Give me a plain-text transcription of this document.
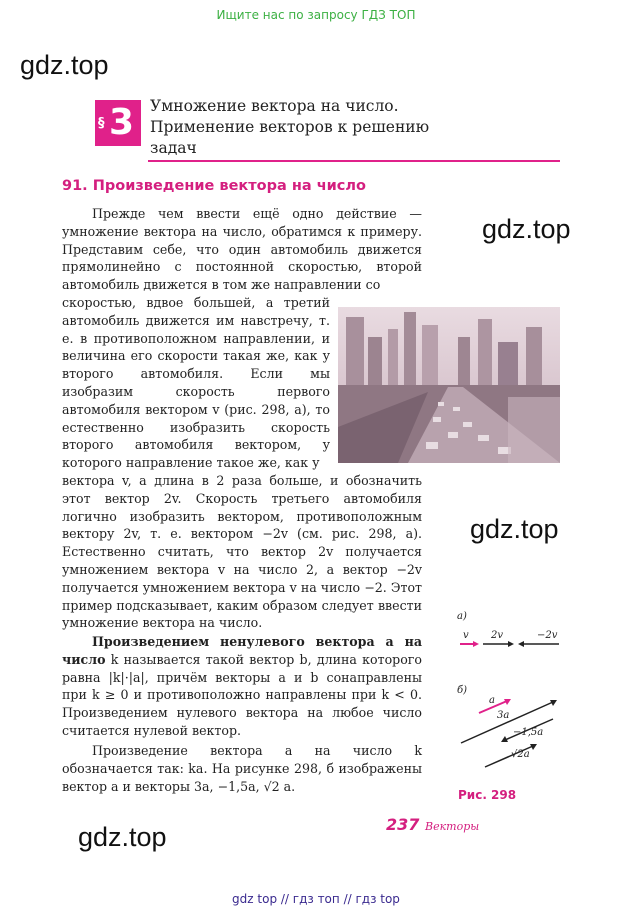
Ищите нас по запросу ГДЗ ТОП
gdz.top
gdz.top
gdz.top
gdz.top
§ 3 Умножение вектора на число.
Применение векторов к решению
задач
91. Произведение вектора на число
Прежде чем ввести ещё одно действие — умножение вектора на число, обратимся к примеру. Представим себе, что один автомобиль движется прямолинейно с постоянной скоростью, второй автомобиль движется в том же направлении со
скоростью, вдвое большей, а третий автомобиль движется им навстречу, т. е. в противоположном направлении, и величина его скорости такая же, как у второго автомобиля. Если мы изобразим скорость первого автомобиля вектором v (рис. 298, а), то естественно изобразить скорость второго автомобиля вектором, у которого направление такое же, как у
вектора v, а длина в 2 раза больше, и обозначить этот вектор 2v. Скорость третьего автомобиля логично изобразить вектором, противоположным вектору 2v, т. е. вектором −2v (см. рис. 298, а). Естественно считать, что вектор 2v получается умножением вектора v на число 2, а вектор −2v получается умножением вектора v на число −2. Этот пример подсказывает, каким образом следует ввести умножение вектора на число.
Произведением ненулевого вектора a на число k называется такой вектор b, длина которого равна |k|·|a|, причём векторы a и b сонаправлены при k ≥ 0 и противоположно направлены при k < 0. Произведением нулевого вектора на любое число считается нулевой вектор.
Произведение вектора a на число k обозначается так: ka. На рисунке 298, б изображены вектор a и векторы 3a, −1,5a, √2 a.
а)
v 2v	−2v
б)
a
3a
−1,5a
√2a
Рис. 298
237 Векторы
gdz top // гдз топ // гдз top
